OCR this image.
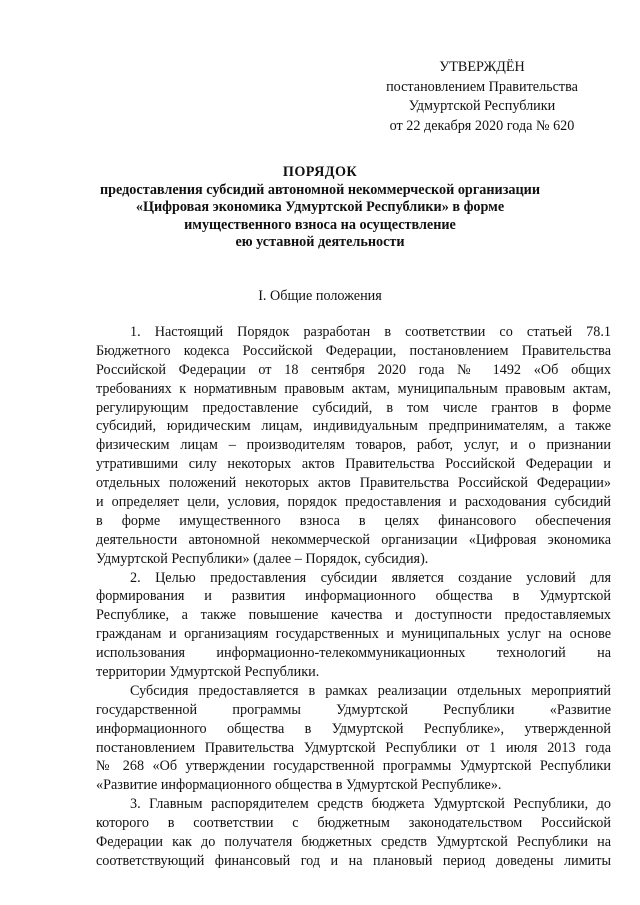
УТВЕРЖДЁН
постановлением Правительства
Удмуртской Республики
от 22 декабря 2020 года № 620
ПОРЯДОК
предоставления субсидий автономной некоммерческой организации
«Цифровая экономика Удмуртской Республики» в форме
имущественного взноса на осуществление
ею уставной деятельности
I. Общие положения
1. Настоящий Порядок разработан в соответствии со статьей 78.1
Бюджетного кодекса Российской Федерации, постановлением Правительства
Российской Федерации от 18 сентября 2020 года № 1492 «Об общих
требованиях к нормативным правовым актам, муниципальным правовым актам,
регулирующим предоставление субсидий, в том числе грантов в форме
субсидий, юридическим лицам, индивидуальным предпринимателям, а также
физическим лицам – производителям товаров, работ, услуг, и о признании
утратившими силу некоторых актов Правительства Российской Федерации и
отдельных положений некоторых актов Правительства Российской Федерации»
и определяет цели, условия, порядок предоставления и расходования субсидий
в форме имущественного взноса в целях финансового обеспечения
деятельности автономной некоммерческой организации «Цифровая экономика
Удмуртской Республики» (далее – Порядок, субсидия).
2. Целью предоставления субсидии является создание условий для
формирования и развития информационного общества в Удмуртской
Республике, а также повышение качества и доступности предоставляемых
гражданам и организациям государственных и муниципальных услуг на основе
использования информационно-телекоммуникационных технологий на
территории Удмуртской Республики.
Субсидия предоставляется в рамках реализации отдельных мероприятий
государственной программы Удмуртской Республики «Развитие
информационного общества в Удмуртской Республике», утвержденной
постановлением Правительства Удмуртской Республики от 1 июля 2013 года
№ 268 «Об утверждении государственной программы Удмуртской Республики
«Развитие информационного общества в Удмуртской Республике».
3. Главным распорядителем средств бюджета Удмуртской Республики, до
которого в соответствии с бюджетным законодательством Российской
Федерации как до получателя бюджетных средств Удмуртской Республики на
соответствующий финансовый год и на плановый период доведены лимиты
